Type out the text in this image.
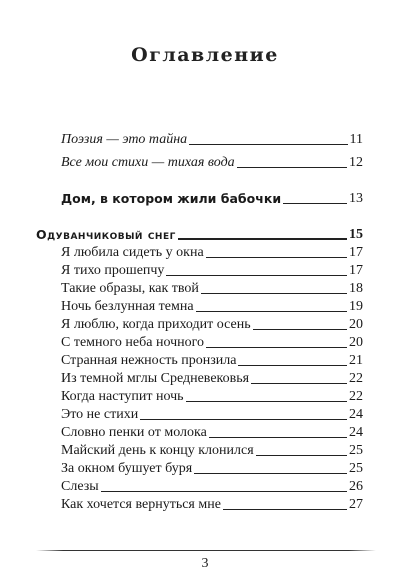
Оглавление
Поэзия — это тайна	11
Все мои стихи — тихая вода	12
Дом, в котором жили бабочки	13
Одуванчиковый снег	15
Я любила сидеть у окна	17
Я тихо прошепчу	17
Такие образы, как твой	18
Ночь безлунная темна	19
Я люблю, когда приходит осень	20
С темного неба ночного	20
Странная нежность пронзила	21
Из темной мглы Средневековья	22
Когда наступит ночь	22
Это не стихи	24
Словно пенки от молока	24
Майский день к концу клонился	25
За окном бушует буря	25
Слезы	26
Как хочется вернуться мне	27
3
